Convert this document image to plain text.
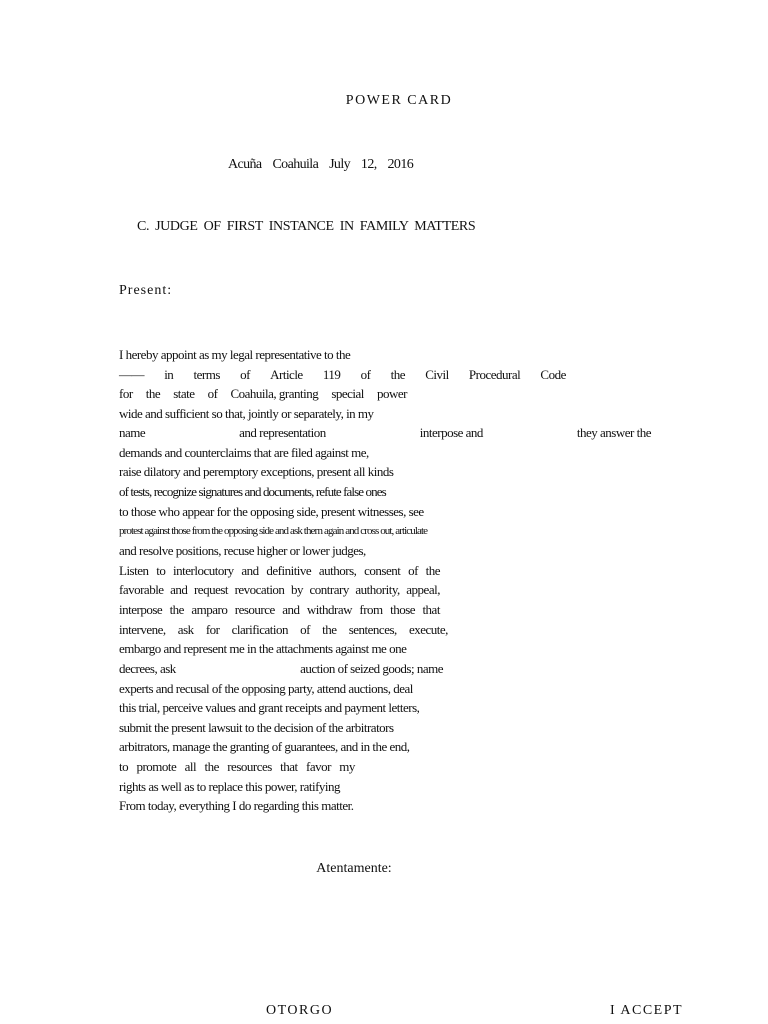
POWER CARD
Acuña Coahuila July 12, 2016
C. JUDGE OF FIRST INSTANCE IN FAMILY MATTERS
Present:
I hereby appoint as my legal representative to the
—— in terms of Article 119 of the Civil Procedural Code
for the state of Coahuila, granting special power
wide and sufficient so that, jointly or separately, in my
name	and representation	interpose and	they answer the
demands and counterclaims that are filed against me,
raise dilatory and peremptory exceptions, present all kinds
of tests, recognize signatures and documents, refute false ones
to those who appear for the opposing side, present witnesses, see
protest against those from the opposing side and ask them again and cross out, articulate
and resolve positions, recuse higher or lower judges,
Listen to interlocutory and definitive authors, consent of the
favorable and request revocation by contrary authority, appeal,
interpose the amparo resource and withdraw from those that
intervene, ask for clarification of the sentences, execute,
embargo and represent me in the attachments against me one
decrees, ask	auction of seized goods; name
experts and recusal of the opposing party, attend auctions, deal
this trial, perceive values and grant receipts and payment letters,
submit the present lawsuit to the decision of the arbitrators
arbitrators, manage the granting of guarantees, and in the end,
to promote all the resources that favor my
rights as well as to replace this power, ratifying
From today, everything I do regarding this matter.
Atentamente:
OTORGO	I ACCEPT
